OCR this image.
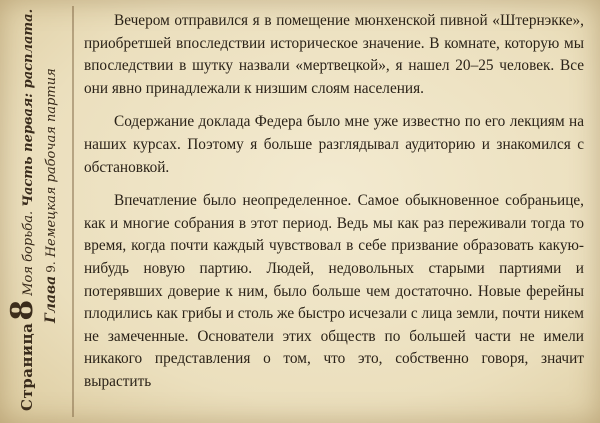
Страница
8
Моя борьба.
Часть первая: расплата.
Глава
9.
Немецкая рабочая партия

Вечером отправился я в помещение мюнхенской пивной «Штернэкке», приобретшей впоследствии историческое значение. В комнате, которую мы впоследствии в шутку назвали «мертвецкой», я нашел 20–25 человек. Все они явно принадлежали к низшим слоям населения.

Содержание доклада Федера было мне уже известно по его лекциям на наших курсах. Поэтому я больше разглядывал аудиторию и знакомился с обстановкой.

Впечатление было неопределенное. Самое обыкновенное собраньице, как и многие собрания в этот период. Ведь мы как раз переживали тогда то время, когда почти каждый чувствовал в себе призвание образовать какую-нибудь новую партию. Людей, недовольных старыми партиями и потерявших доверие к ним, было больше чем достаточно. Новые ферейны плодились как грибы и столь же быстро исчезали с лица земли, почти никем не замеченные. Основатели этих обществ по большей части не имели никакого представления о том, что это, собственно говоря, значит вырастить
